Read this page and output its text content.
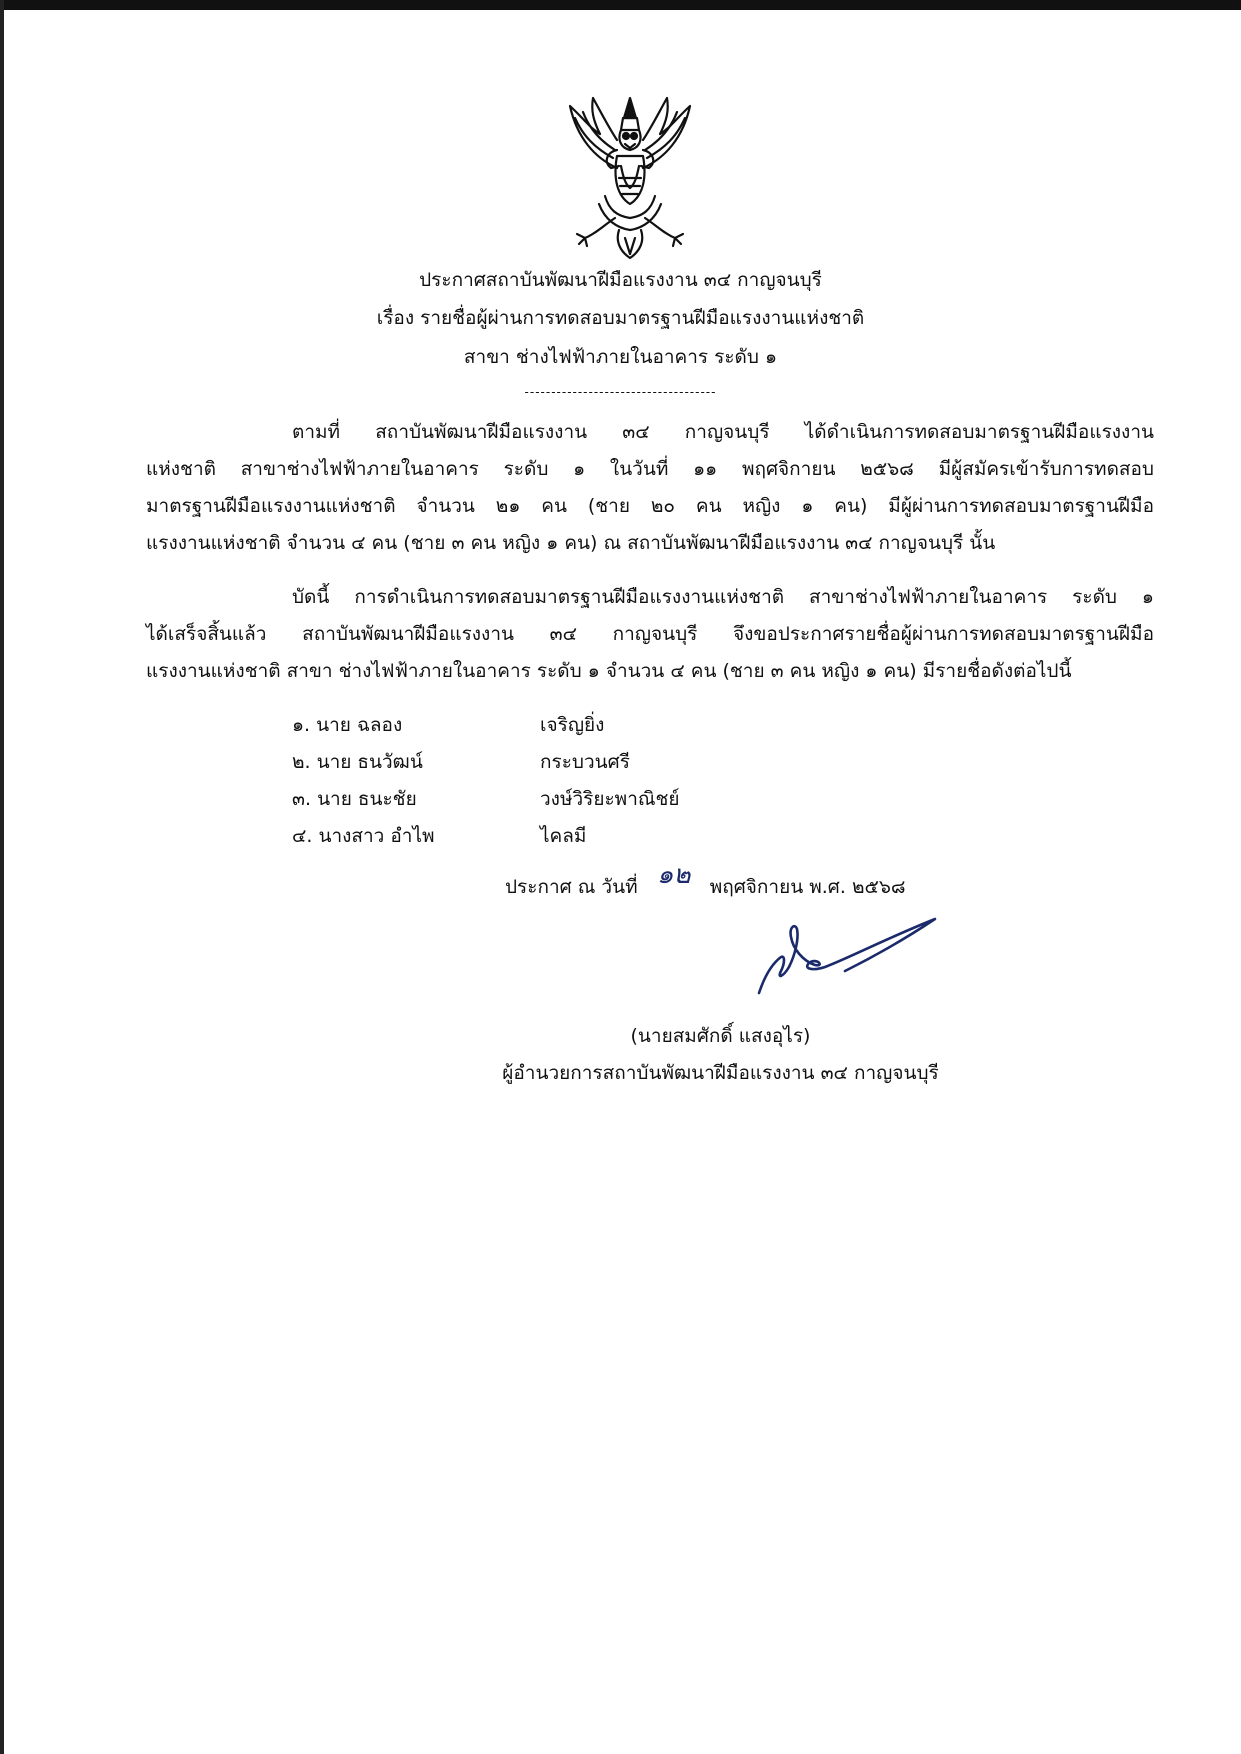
ประกาศสถาบันพัฒนาฝีมือแรงงาน ๓๔ กาญจนบุรี
เรื่อง รายชื่อผู้ผ่านการทดสอบมาตรฐานฝีมือแรงงานแห่งชาติ
สาขา ช่างไฟฟ้าภายในอาคาร ระดับ ๑
------------------------------------
ตามที่ สถาบันพัฒนาฝีมือแรงงาน ๓๔ กาญจนบุรี ได้ดำเนินการทดสอบมาตรฐานฝีมือแรงงาน
แห่งชาติ สาขาช่างไฟฟ้าภายในอาคาร ระดับ ๑ ในวันที่ ๑๑ พฤศจิกายน ๒๕๖๘ มีผู้สมัครเข้ารับการทดสอบ
มาตรฐานฝีมือแรงงานแห่งชาติ จำนวน ๒๑ คน (ชาย ๒๐ คน หญิง ๑ คน) มีผู้ผ่านการทดสอบมาตรฐานฝีมือ
แรงงานแห่งชาติ จำนวน ๔ คน (ชาย ๓ คน หญิง ๑ คน) ณ สถาบันพัฒนาฝีมือแรงงาน ๓๔ กาญจนบุรี นั้น
บัดนี้ การดำเนินการทดสอบมาตรฐานฝีมือแรงงานแห่งชาติ สาขาช่างไฟฟ้าภายในอาคาร ระดับ ๑
ได้เสร็จสิ้นแล้ว สถาบันพัฒนาฝีมือแรงงาน ๓๔ กาญจนบุรี จึงขอประกาศรายชื่อผู้ผ่านการทดสอบมาตรฐานฝีมือ
แรงงานแห่งชาติ สาขา ช่างไฟฟ้าภายในอาคาร ระดับ ๑ จำนวน ๔ คน (ชาย ๓ คน หญิง ๑ คน) มีรายชื่อดังต่อไปนี้
๑. นาย ฉลอง	เจริญยิ่ง
๒. นาย ธนวัฒน์	กระบวนศรี
๓. นาย ธนะชัย	วงษ์วิริยะพาณิชย์
๔. นางสาว อำไพ	ไคลมี
ประกาศ ณ วันที่ ๑๒ พฤศจิกายน พ.ศ. ๒๕๖๘
(นายสมศักดิ์ แสงอุไร)
ผู้อำนวยการสถาบันพัฒนาฝีมือแรงงาน ๓๔ กาญจนบุรี
